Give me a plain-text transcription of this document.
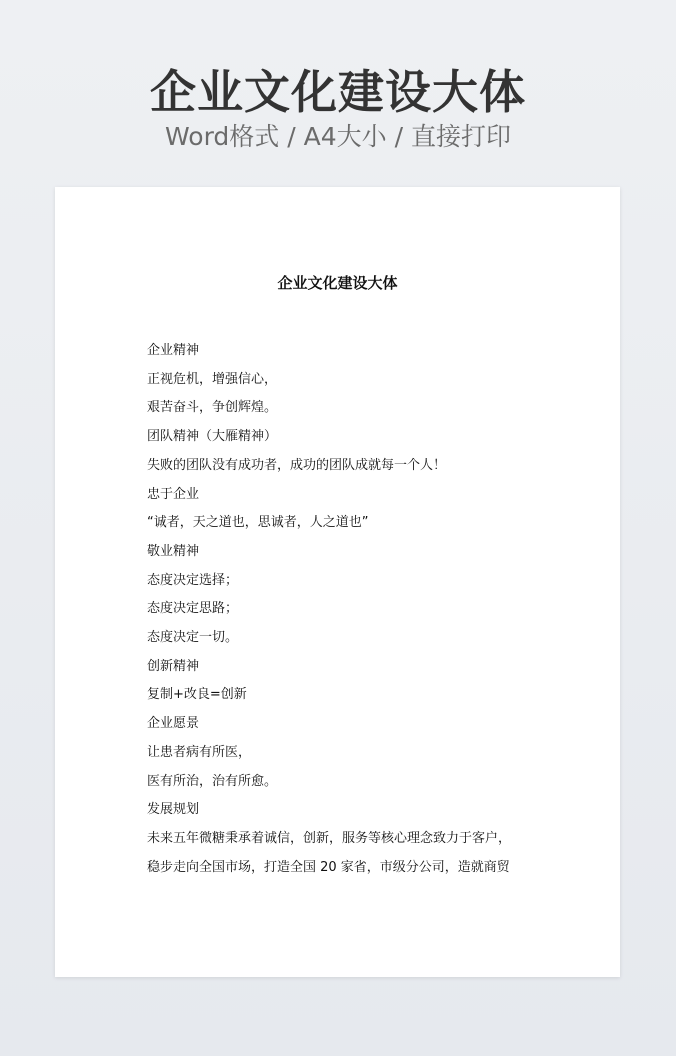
企业文化建设大体
Word格式 / A4大小 / 直接打印
企业文化建设大体
企业精神
正视危机，增强信心，
艰苦奋斗，争创辉煌。
团队精神（大雁精神）
失败的团队没有成功者，成功的团队成就每一个人！
忠于企业
“诚者，天之道也，思诚者，人之道也”
敬业精神
态度决定选择；
态度决定思路；
态度决定一切。
创新精神
复制+改良=创新
企业愿景
让患者病有所医，
医有所治，治有所愈。
发展规划
未来五年微糖秉承着诚信，创新，服务等核心理念致力于客户，
稳步走向全国市场，打造全国 20 家省，市级分公司，造就商贸
